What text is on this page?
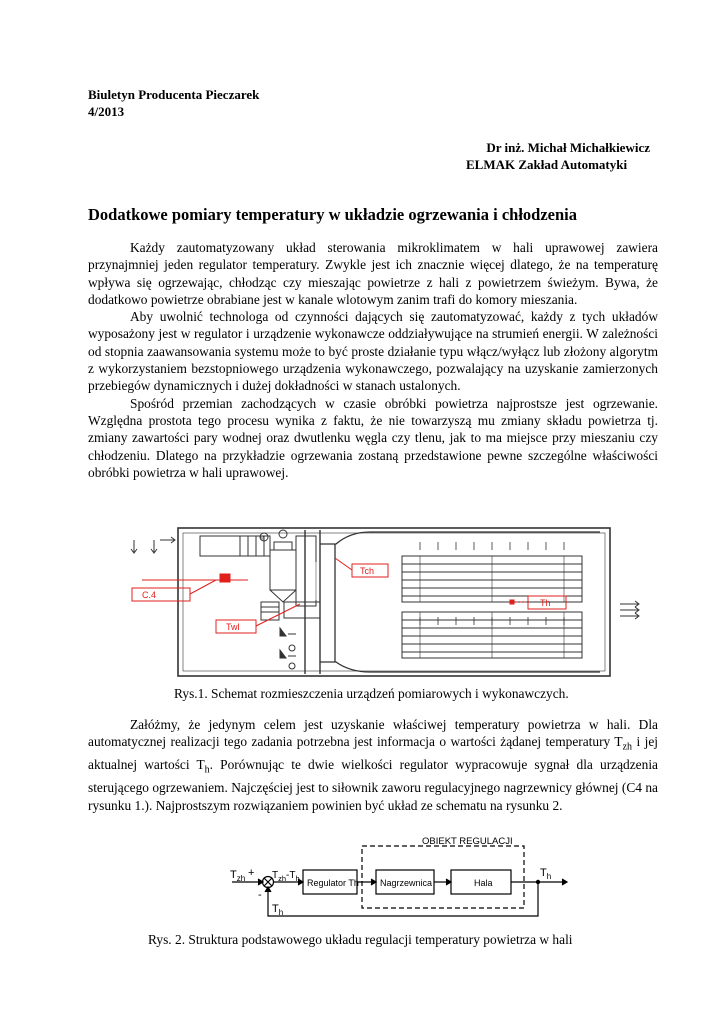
Biuletyn Producenta Pieczarek
4/2013
Dr inż. Michał Michałkiewicz
ELMAK Zakład Automatyki
Dodatkowe pomiary temperatury w układzie ogrzewania i chłodzenia

Każdy zautomatyzowany układ sterowania mikroklimatem w hali uprawowej zawiera przynajmniej jeden regulator temperatury. Zwykle jest ich znacznie więcej dlatego, że na temperaturę wpływa się ogrzewając, chłodząc czy mieszając powietrze z hali z powietrzem świeżym. Bywa, że dodatkowo powietrze obrabiane jest w kanale wlotowym zanim trafi do komory mieszania.

Aby uwolnić technologa od czynności dających się zautomatyzować, każdy z tych układów wyposażony jest w regulator i urządzenie wykonawcze oddziaływujące na strumień energii. W zależności od stopnia zaawansowania systemu może to być proste działanie typu włącz/wyłącz lub złożony algorytm z wykorzystaniem bezstopniowego urządzenia wykonawczego, pozwalający na uzyskanie zamierzonych przebiegów dynamicznych i dużej dokładności w stanach ustalonych.

Spośród przemian zachodzących w czasie obróbki powietrza najprostsze jest ogrzewanie. Względna prostota tego procesu wynika z faktu, że nie towarzyszą mu zmiany składu powietrza tj. zmiany zawartości pary wodnej oraz dwutlenku węgla czy tlenu, jak to ma miejsce przy mieszaniu czy chłodzeniu. Dlatego na przykładzie ogrzewania zostaną przedstawione pewne szczególne właściwości obróbki powietrza w hali uprawowej.

C.4
Tch
Th
Twl
M
Rys.1. Schemat rozmieszczenia urządzeń pomiarowych i wykonawczych.

Załóżmy, że jedynym celem jest uzyskanie właściwej temperatury powietrza w hali. Dla automatycznej realizacji tego zadania potrzebna jest informacja o wartości żądanej temperatury $T_{zh}$ i jej aktualnej wartości $T_h$. Porównując te dwie wielkości regulator wypracowuje sygnał dla urządzenia sterującego ogrzewaniem. Najczęściej jest to siłownik zaworu regulacyjnego nagrzewnicy głównej (C4 na rysunku 1.). Najprostszym rozwiązaniem powinien być układ ze schematu na rysunku 2.

OBIEKT REGULACJI
$T_{zh}$ +
-
$T_{zh}-T_h$ Regulator Th Nagrzewnica	Hala
$T_h$
$T_h$
Rys. 2. Struktura podstawowego układu regulacji temperatury powietrza w hali
